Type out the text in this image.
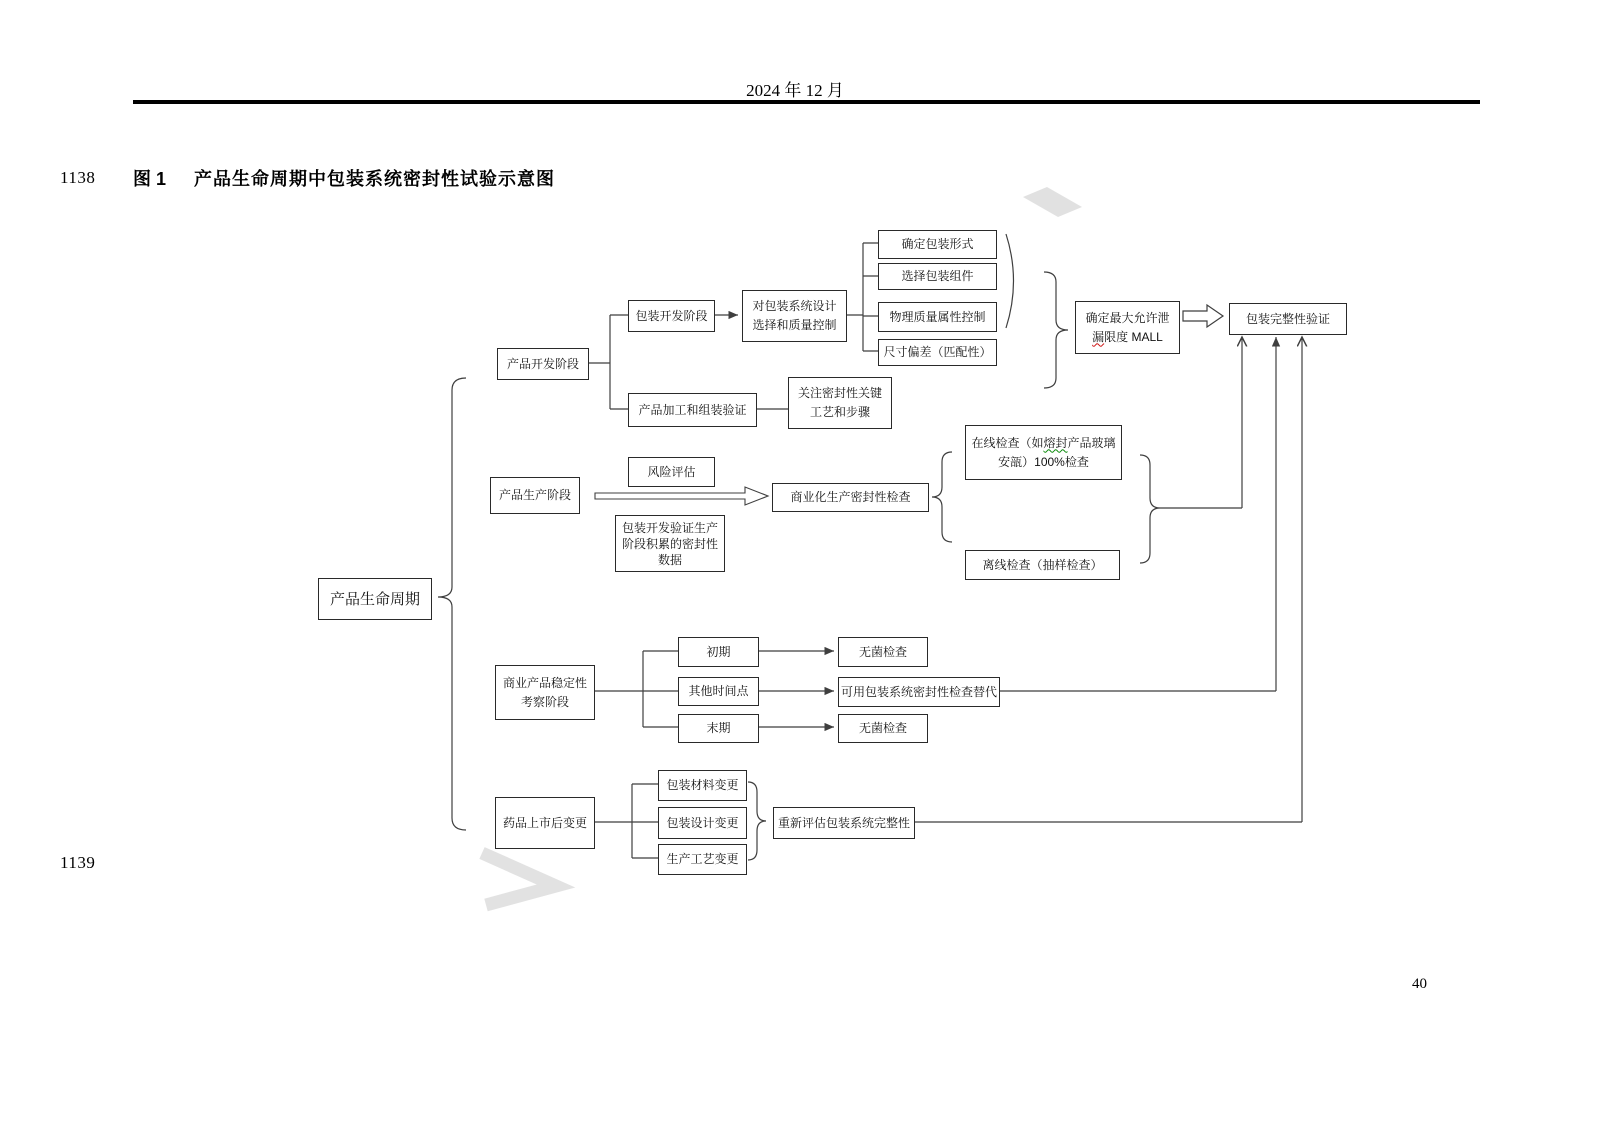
2024 年 12 月
1138 图 1 产品生命周期中包装系统密封性试验示意图
1139
40
产品生命周期
产品开发阶段
包装开发阶段
对包装系统设计
选择和质量控制
确定包装形式
选择包装组件
物理质量属性控制
尺寸偏差（匹配性）
确定最大允许泄
漏限度 MALL
包装完整性验证
产品加工和组装验证
关注密封性关键
工艺和步骤
产品生产阶段
风险评估
包装开发验证生产
阶段积累的密封性
数据
商业化生产密封性检查
在线检查（如熔封产品玻璃
安瓿）100%检查
离线检查（抽样检查）
商业产品稳定性
考察阶段
初期
其他时间点
末期
无菌检查
可用包装系统密封性检查替代
无菌检查
药品上市后变更
包装材料变更
包装设计变更
生产工艺变更
重新评估包装系统完整性
